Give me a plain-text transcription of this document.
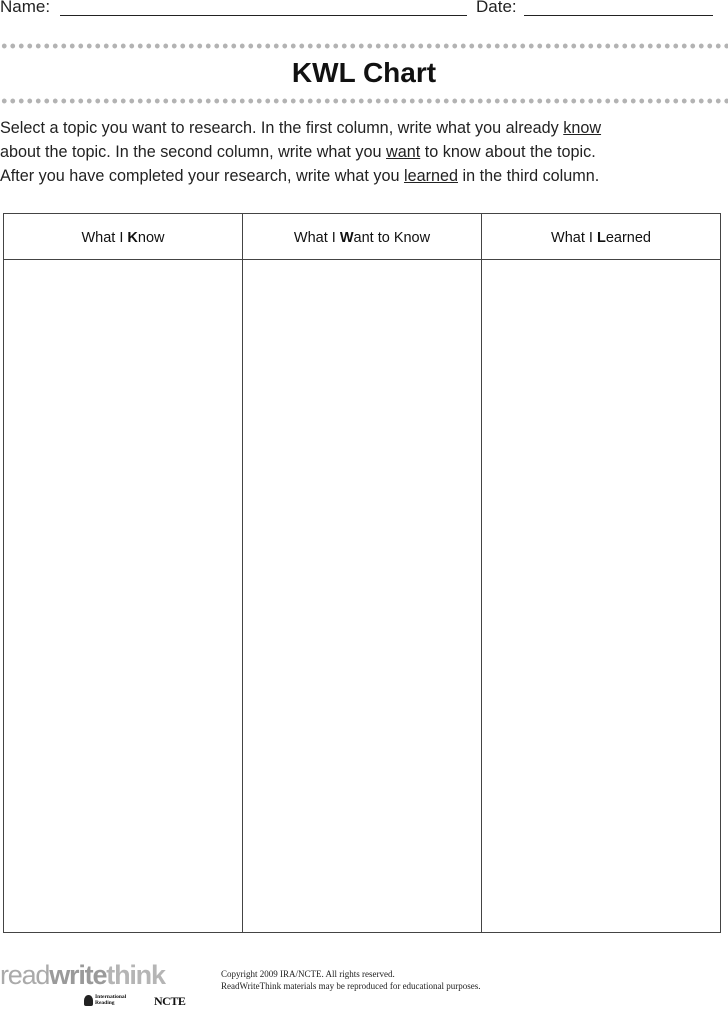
Name:	Date:
KWL Chart

Select a topic you want to research. In the first column, write what you already know

about the topic. In the second column, write what you want to know about the topic.

After you have completed your research, write what you learned in the third column.

What I Know	What I Want to Know	What I Learned
readwritethink
International
Reading	NCTE
Copyright 2009 IRA/NCTE. All rights reserved.
ReadWriteThink materials may be reproduced for educational purposes.
